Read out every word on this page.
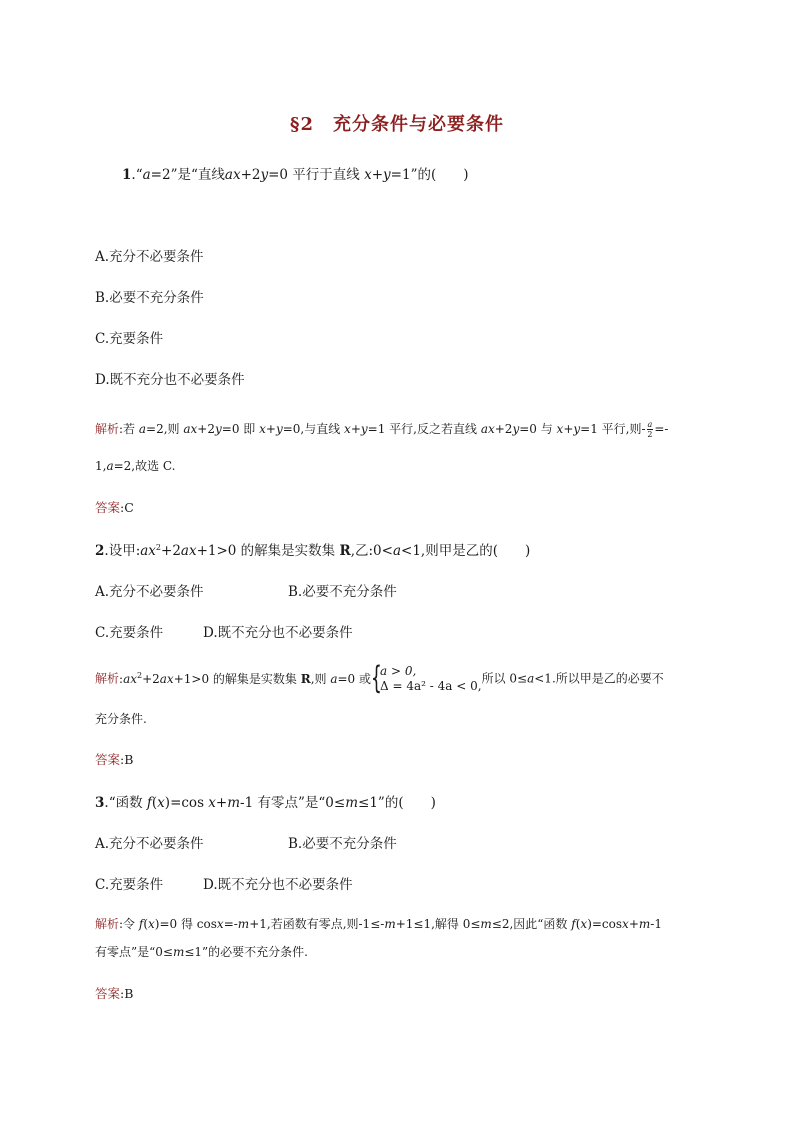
§2　充分条件与必要条件
1.“a=2”是“直线ax+2y=0 平行于直线 x+y=1”的(　　)
A.充分不必要条件
B.必要不充分条件
C.充要条件
D.既不充分也不必要条件
解析:若 a=2,则 ax+2y=0 即 x+y=0,与直线 x+y=1 平行,反之若直线 ax+2y=0 与 x+y=1 平行,则- $\frac{a}{2}$ =-
1,a=2,故选 C.
答案:C
2.设甲$:ax^2+2ax+1>0$ 的解集是实数集 R,乙:0<a<1,则甲是乙的(　　)
A.充分不必要条件	B.必要不充分条件
C.充要条件	D.既不充分也不必要条件
解析$:ax^2+2ax+1>0$ 的解集是实数集 R,则 a=0 或 {
a > 0,
Δ = 4a² - 4a < 0,
所以 0≤a<1.所以甲是乙的必要不
充分条件.
答案:B
3.“函数 f(x)=cos x+m-1 有零点”是“0≤m≤1”的(　　)
A.充分不必要条件	B.必要不充分条件
C.充要条件	D.既不充分也不必要条件
解析:令 f(x)=0 得 cosx=-m+1,若函数有零点,则-1≤-m+1≤1,解得 0≤m≤2,因此“函数 f(x)=cosx+m-1
有零点”是“0≤m≤1”的必要不充分条件.
答案:B
